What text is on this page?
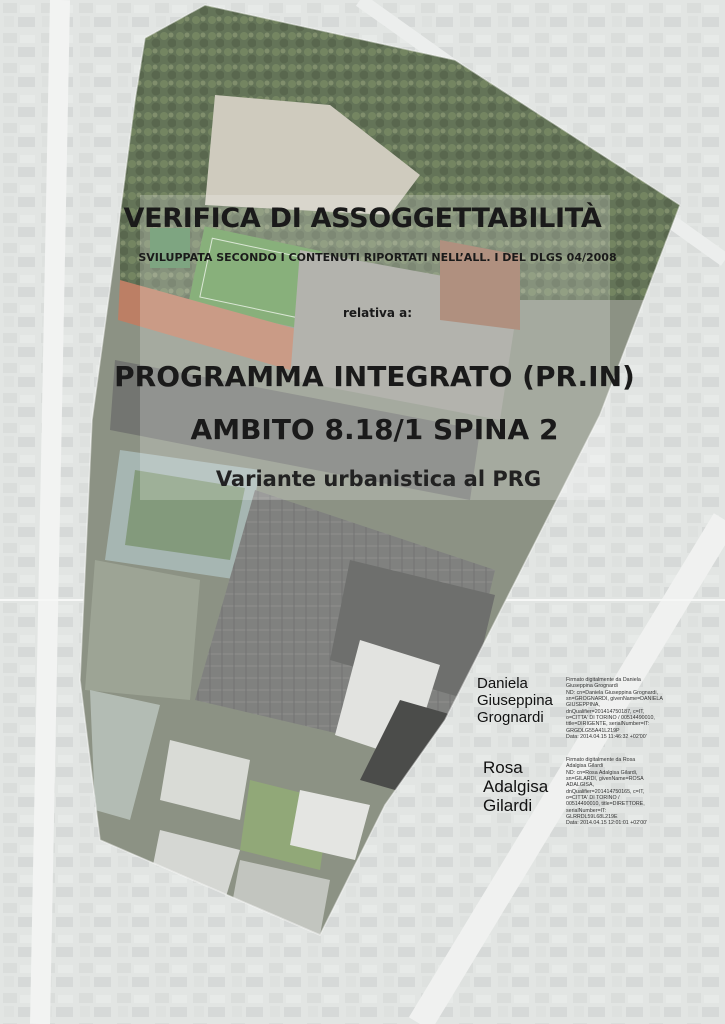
VERIFICA DI ASSOGGETTABILITÀ
SVILUPPATA SECONDO I CONTENUTI RIPORTATI NELL’ALL. I DEL DLGS 04/2008
relativa a:
PROGRAMMA INTEGRATO (PR.IN)
AMBITO 8.18/1 SPINA 2
Variante urbanistica al PRG
Daniela
Giuseppina
Grognardi
Firmato digitalmente da Daniela
Giuseppina Grognardi
ND: cn=Daniela Giuseppina Grognardi,
sn=GROGNARDI, givenName=DANIELA
GIUSEPPINA,
dnQualifier=201414750187, c=IT,
o=CITTA' DI TORINO / 00514490010,
title=DIRIGENTE, serialNumber=IT:
GRGDLG55A41L219P
Data: 2014.04.15 11:46:32 +02'00'
Rosa
Adalgisa
Gilardi
Firmato digitalmente da Rosa
Adalgisa Gilardi
ND: cn=Rosa Adalgisa Gilardi,
sn=GILARDI, givenName=ROSA
ADALGISA,
dnQualifier=201414750165, c=IT,
o=CITTA' DI TORINO /
00514490010, title=DIRETTORE,
serialNumber=IT:
GLRRDL59L68L219E
Data: 2014.04.15 12:01:01 +02'00'
